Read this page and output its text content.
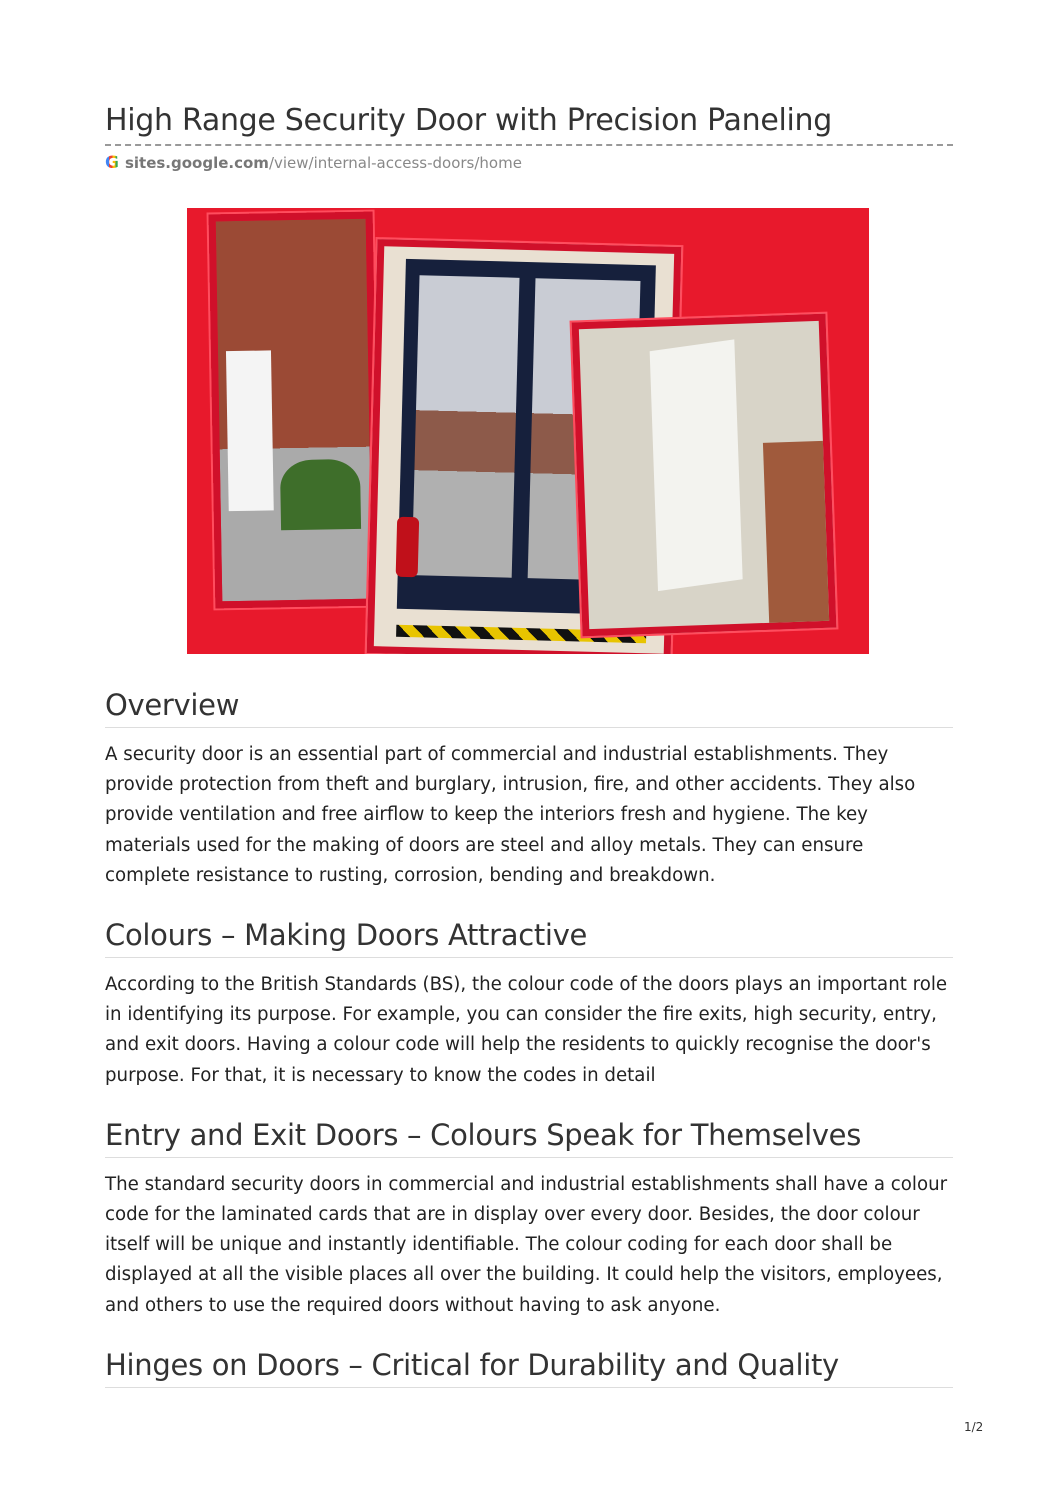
High Range Security Door with Precision Paneling
G sites.google.com/view/internal-access-doors/home
Overview

A security door is an essential part of commercial and industrial establishments. They provide protection from theft and burglary, intrusion, fire, and other accidents. They also provide ventilation and free airflow to keep the interiors fresh and hygiene. The key materials used for the making of doors are steel and alloy metals. They can ensure complete resistance to rusting, corrosion, bending and breakdown.

Colours – Making Doors Attractive

According to the British Standards (BS), the colour code of the doors plays an important role in identifying its purpose. For example, you can consider the fire exits, high security, entry, and exit doors. Having a colour code will help the residents to quickly recognise the door's purpose. For that, it is necessary to know the codes in detail

Entry and Exit Doors – Colours Speak for Themselves

The standard security doors in commercial and industrial establishments shall have a colour code for the laminated cards that are in display over every door. Besides, the door colour itself will be unique and instantly identifiable. The colour coding for each door shall be displayed at all the visible places all over the building. It could help the visitors, employees, and others to use the required doors without having to ask anyone.

Hinges on Doors – Critical for Durability and Quality
1/2
